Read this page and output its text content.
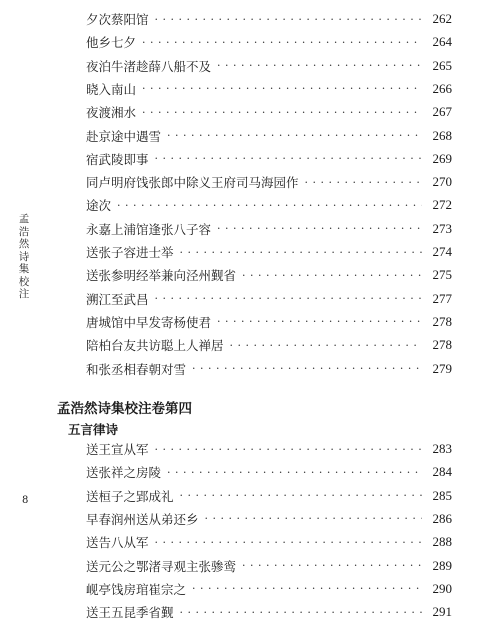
孟浩然诗集校注
8
夕次蔡阳馆 · · ·	262
他乡七夕 · · ·	264
夜泊牛渚趁薛八船不及 · · ·	265
晓入南山 · · ·	266
夜渡湘水 · · ·	267
赴京途中遇雪 · · ·	268
宿武陵即事 · · ·	269
同卢明府饯张郎中除义王府司马海园作 · · ·	270
途次 · · ·	272
永嘉上浦馆逢张八子容 · · ·	273
送张子容进士举 · · ·	274
送张参明经举兼向泾州觐省 · · ·	275
溯江至武昌 · · ·	277
唐城馆中早发寄杨使君 · · ·	278
陪柏台友共访聪上人禅居 · · ·	278
和张丞相春朝对雪 · · ·	279
孟浩然诗集校注卷第四
五言律诗
送王宣从军 · · ·	283
送张祥之房陵 · · ·	284
送桓子之郢成礼 · · ·	285
早春润州送从弟还乡 · · ·	286
送告八从军 · · ·	288
送元公之鄂渚寻观主张骖鸾 · · ·	289
岘亭饯房琯崔宗之 · · ·	290
送王五昆季省觐 · · ·	291
